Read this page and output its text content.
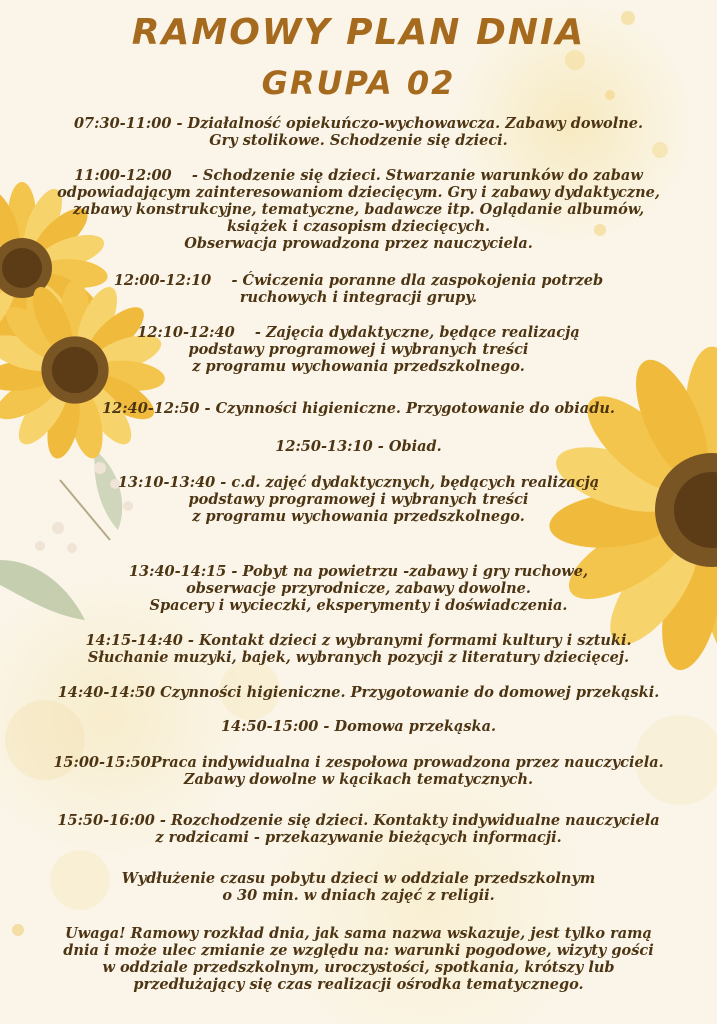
RAMOWY PLAN DNIA
GRUPA 02
07:30-11:00 - Działalność opiekuńczo-wychowawcza. Zabawy dowolne.
Gry stolikowe. Schodzenie się dzieci.
11:00-12:00    - Schodzenie się dzieci. Stwarzanie warunków do zabaw
odpowiadającym zainteresowaniom dziecięcym. Gry i zabawy dydaktyczne,
zabawy konstrukcyjne, tematyczne, badawcze itp. Oglądanie albumów,
książek i czasopism dziecięcych.
Obserwacja prowadzona przez nauczyciela.
12:00-12:10    - Ćwiczenia poranne dla zaspokojenia potrzeb
ruchowych i integracji grupy.
12:10-12:40    - Zajęcia dydaktyczne, będące realizacją
podstawy programowej i wybranych treści
z programu wychowania przedszkolnego.
12:40-12:50 - Czynności higieniczne. Przygotowanie do obiadu.
12:50-13:10 - Obiad.
13:10-13:40 - c.d. zajęć dydaktycznych, będących realizacją
podstawy programowej i wybranych treści
z programu wychowania przedszkolnego.
13:40-14:15 - Pobyt na powietrzu -zabawy i gry ruchowe,
obserwacje przyrodnicze, zabawy dowolne.
Spacery i wycieczki, eksperymenty i doświadczenia.
14:15-14:40 - Kontakt dzieci z wybranymi formami kultury i sztuki.
Słuchanie muzyki, bajek, wybranych pozycji z literatury dziecięcej.
14:40-14:50 Czynności higieniczne. Przygotowanie do domowej przekąski.
14:50-15:00 - Domowa przekąska.
15:00-15:50Praca indywidualna i zespołowa prowadzona przez nauczyciela.
Zabawy dowolne w kącikach tematycznych.
15:50-16:00 - Rozchodzenie się dzieci. Kontakty indywidualne nauczyciela
z rodzicami - przekazywanie bieżących informacji.
Wydłużenie czasu pobytu dzieci w oddziale przedszkolnym
o 30 min. w dniach zajęć z religii.
Uwaga! Ramowy rozkład dnia, jak sama nazwa wskazuje, jest tylko ramą
dnia i może ulec zmianie ze względu na: warunki pogodowe, wizyty gości
w oddziale przedszkolnym, uroczystości, spotkania, krótszy lub
przedłużający się czas realizacji ośrodka tematycznego.
